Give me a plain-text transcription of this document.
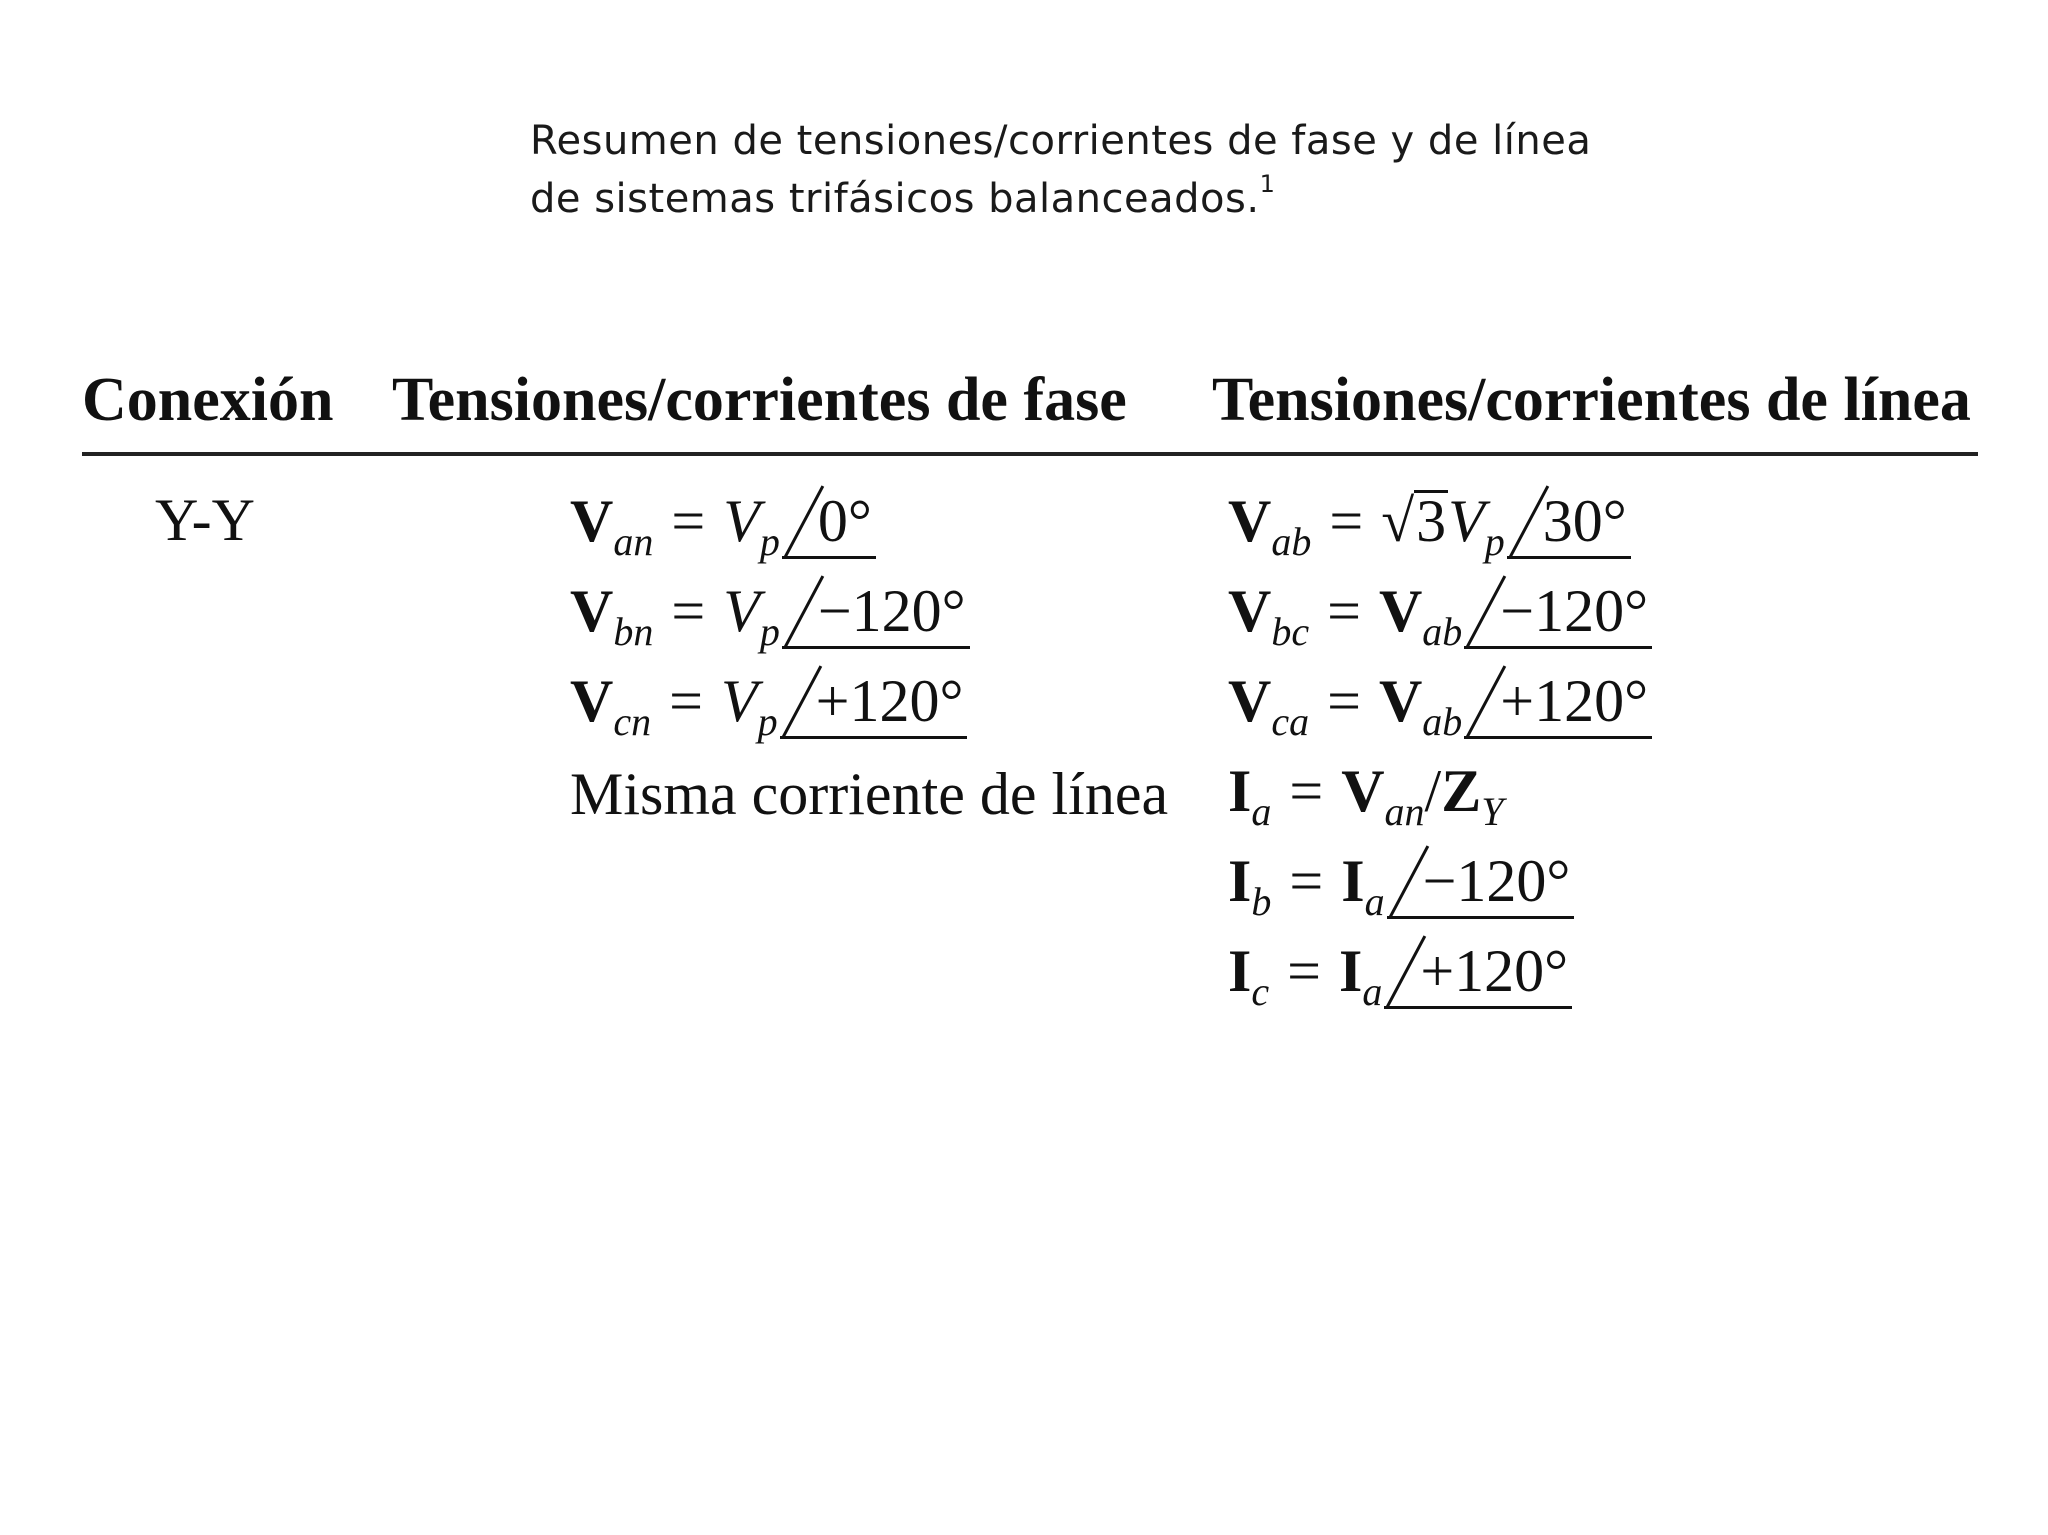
Resumen de tensiones/corrientes de fase y de línea
de sistemas trifásicos balanceados.$^1$
Conexión Tensiones/corrientes de fase Tensiones/corrientes de línea
Y-Y	$V_{an} = V_p$ 0°
$V_{bn} = V_p -120^\circ$
$V_{cn} = V_p +120^\circ$
Misma corriente de línea
$V_{ab} = √3V_p$ 30°
$V_{bc} = V_{ab} -120^\circ$
$V_{ca} = V_{ab} +120^\circ$
$I_a = V_{an}/Z_Y$
$I_b = I_a -120^\circ$
$I_c = I_a +120^\circ$
